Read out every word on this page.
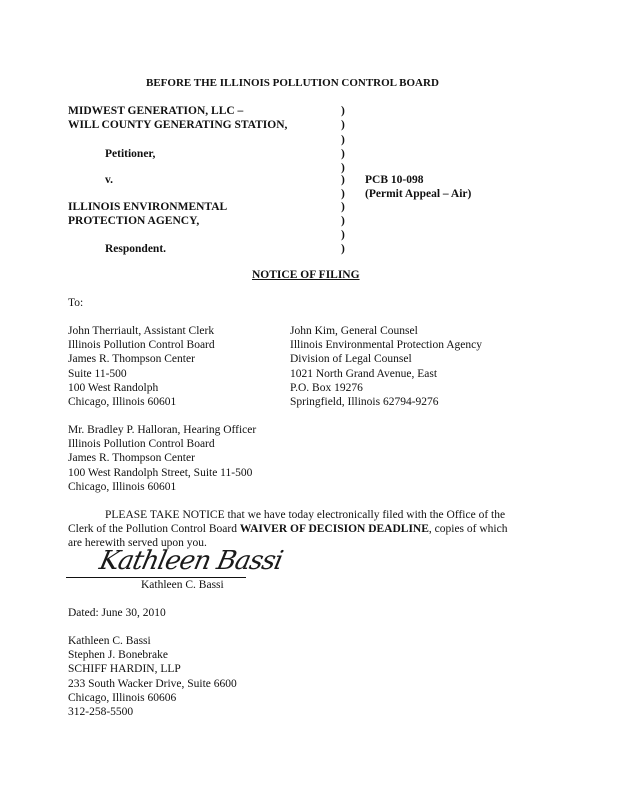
BEFORE THE ILLINOIS POLLUTION CONTROL BOARD
MIDWEST GENERATION, LLC –
WILL COUNTY GENERATING STATION,
Petitioner,
v.
ILLINOIS ENVIRONMENTAL
PROTECTION AGENCY,
Respondent.
)
)
)
)
)
)
)
)
)
)
)
PCB 10-098
(Permit Appeal – Air)
NOTICE OF FILING
To:
John Therriault, Assistant Clerk
Illinois Pollution Control Board
James R. Thompson Center
Suite 11-500
100 West Randolph
Chicago, Illinois 60601
John Kim, General Counsel
Illinois Environmental Protection Agency
Division of Legal Counsel
1021 North Grand Avenue, East
P.O. Box 19276
Springfield, Illinois 62794-9276
Mr. Bradley P. Halloran, Hearing Officer
Illinois Pollution Control Board
James R. Thompson Center
100 West Randolph Street, Suite 11-500
Chicago, Illinois 60601
PLEASE TAKE NOTICE that we have today electronically filed with the Office of the
Clerk of the Pollution Control Board WAIVER OF DECISION DEADLINE, copies of which
are herewith served upon you.
Kathleen Bassi
Kathleen C. Bassi
Dated: June 30, 2010
Kathleen C. Bassi
Stephen J. Bonebrake
SCHIFF HARDIN, LLP
233 South Wacker Drive, Suite 6600
Chicago, Illinois 60606
312-258-5500
